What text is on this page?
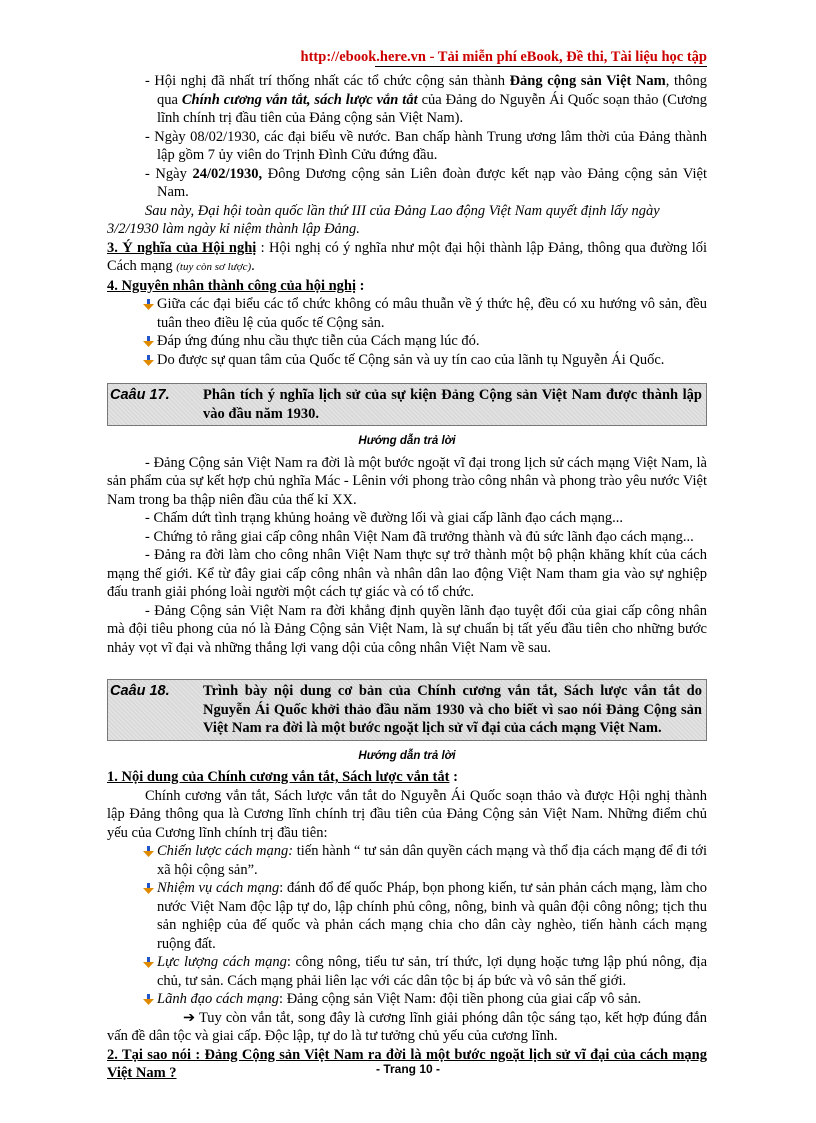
http://ebook.here.vn - Tải miễn phí eBook, Đề thi, Tài liệu học tập

- Hội nghị đã nhất trí thống nhất các tổ chức cộng sản thành Đảng cộng sản Việt Nam, thông qua Chính cương vắn tắt, sách lược vắn tắt của Đảng do Nguyễn Ái Quốc soạn thảo (Cương lĩnh chính trị đầu tiên của Đảng cộng sản Việt Nam).

- Ngày 08/02/1930, các đại biểu về nước. Ban chấp hành Trung ương lâm thời của Đảng thành lập gồm 7 ủy viên do Trịnh Đình Cửu đứng đầu.

- Ngày 24/02/1930, Đông Dương cộng sản Liên đoàn được kết nạp vào Đảng cộng sản Việt Nam.

Sau này, Đại hội toàn quốc lần thứ III của Đảng Lao động Việt Nam quyết định lấy ngày

3/2/1930 làm ngày kỉ niệm thành lập Đảng.

3. Ý nghĩa của Hội nghị : Hội nghị có ý nghĩa như một đại hội thành lập Đảng, thông qua đường lối Cách mạng (tuy còn sơ lược).

4. Nguyên nhân thành công của hội nghị :

Giữa các đại biểu các tổ chức không có mâu thuẫn về ý thức hệ, đều có xu hướng vô sản, đều tuân theo điều lệ của quốc tế Cộng sản.

Đáp ứng đúng nhu cầu thực tiễn của Cách mạng lúc đó.

Do được sự quan tâm của Quốc tế Cộng sản và uy tín cao của lãnh tụ Nguyễn Ái Quốc.

Caâu 17.	Phân tích ý nghĩa lịch sử của sự kiện Đảng Cộng sản Việt Nam được thành lập vào đầu năm 1930.
Hướng dẫn trả lời

- Đảng Cộng sản Việt Nam ra đời là một bước ngoặt vĩ đại trong lịch sử cách mạng Việt Nam, là sản phẩm của sự kết hợp chủ nghĩa Mác - Lênin với phong trào công nhân và phong trào yêu nước Việt Nam trong ba thập niên đầu của thế kỉ XX.

- Chấm dứt tình trạng khủng hoảng về đường lối và giai cấp lãnh đạo cách mạng...

- Chứng tỏ rằng giai cấp công nhân Việt Nam đã trưởng thành và đủ sức lãnh đạo cách mạng...

- Đảng ra đời làm cho công nhân Việt Nam thực sự trở thành một bộ phận khăng khít của cách mạng thế giới. Kể từ đây giai cấp công nhân và nhân dân lao động Việt Nam tham gia vào sự nghiệp đấu tranh giải phóng loài người một cách tự giác và có tổ chức.

- Đảng Cộng sản Việt Nam ra đời khẳng định quyền lãnh đạo tuyệt đối của giai cấp công nhân mà đội tiêu phong của nó là Đảng Cộng sản Việt Nam, là sự chuẩn bị tất yếu đầu tiên cho những bước nhảy vọt vĩ đại và những thắng lợi vang dội của công nhân Việt Nam về sau.

Caâu 18.	Trình bày nội dung cơ bản của Chính cương vắn tắt, Sách lược vắn tắt do Nguyễn Ái Quốc khởi thảo đầu năm 1930 và cho biết vì sao nói Đảng Cộng sản Việt Nam ra đời là một bước ngoặt lịch sử vĩ đại của cách mạng Việt Nam.
Hướng dẫn trả lời

1. Nội dung của Chính cương vắn tắt, Sách lược vắn tắt :

Chính cương vắn tắt, Sách lược vắn tắt do Nguyễn Ái Quốc soạn thảo và được Hội nghị thành lập Đảng thông qua là Cương lĩnh chính trị đầu tiên của Đảng Cộng sản Việt Nam. Những điểm chủ yếu của Cương lĩnh chính trị đầu tiên:

Chiến lược cách mạng: tiến hành “ tư sản dân quyền cách mạng và thổ địa cách mạng để đi tới xã hội cộng sản”.

Nhiệm vụ cách mạng: đánh đổ đế quốc Pháp, bọn phong kiến, tư sản phản cách mạng, làm cho nước Việt Nam độc lập tự do, lập chính phủ công, nông, binh và quân đội công nông; tịch thu sản nghiệp của đế quốc và phản cách mạng chia cho dân cày nghèo, tiến hành cách mạng ruộng đất.

Lực lượng cách mạng: công nông, tiểu tư sản, trí thức, lợi dụng hoặc tưng lập phú nông, địa chủ, tư sản. Cách mạng phải liên lạc với các dân tộc bị áp bức và vô sản thế giới.

Lãnh đạo cách mạng: Đảng cộng sản Việt Nam: đội tiền phong của giai cấp vô sản.

➔ Tuy còn vắn tắt, song đây là cương lĩnh giải phóng dân tộc sáng tạo, kết hợp đúng đắn vấn đề dân tộc và giai cấp. Độc lập, tự do là tư tưởng chủ yếu của cương lĩnh.

2. Tại sao nói : Đảng Cộng sản Việt Nam ra đời là một bước ngoặt lịch sử vĩ đại của cách mạng Việt Nam ?	- Trang 10 -
